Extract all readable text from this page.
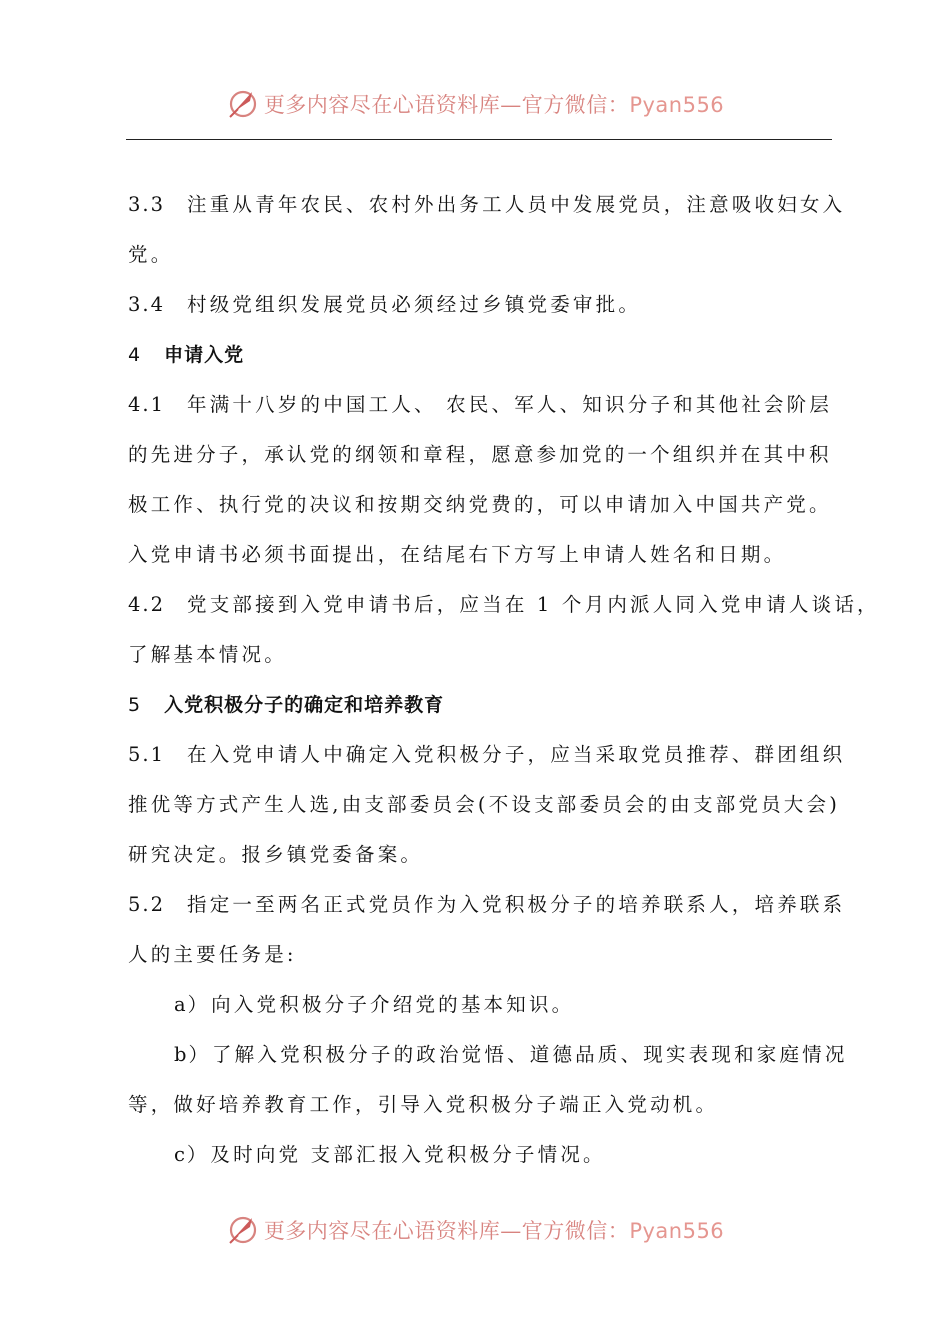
更多内容尽在心语资料库—官方微信：Pyan556
3.3 注重从青年农民、农村外出务工人员中发展党员，注意吸收妇女入
党。
3.4 村级党组织发展党员必须经过乡镇党委审批。
4 申请入党
4.1 年满十八岁的中国工人、 农民、军人、知识分子和其他社会阶层
的先进分子，承认党的纲领和章程，愿意参加党的一个组织并在其中积
极工作、执行党的决议和按期交纳党费的，可以申请加入中国共产党。
入党申请书必须书面提出，在结尾右下方写上申请人姓名和日期。
4.2 党支部接到入党申请书后，应当在 1 个月内派人同入党申请人谈话，
了解基本情况。
5 入党积极分子的确定和培养教育
5.1 在入党申请人中确定入党积极分子，应当采取党员推荐、群团组织
推优等方式产生人选,由支部委员会(不设支部委员会的由支部党员大会)
研究决定。报乡镇党委备案。
5.2 指定一至两名正式党员作为入党积极分子的培养联系人，培养联系
人的主要任务是:
a） 向入党积极分子介绍党的基本知识。
b） 了解入党积极分子的政治觉悟、道德品质、现实表现和家庭情况
等，做好培养教育工作，引导入党积极分子端正入党动机。
c） 及时向党 支部汇报入党积极分子情况。
更多内容尽在心语资料库—官方微信：Pyan556
